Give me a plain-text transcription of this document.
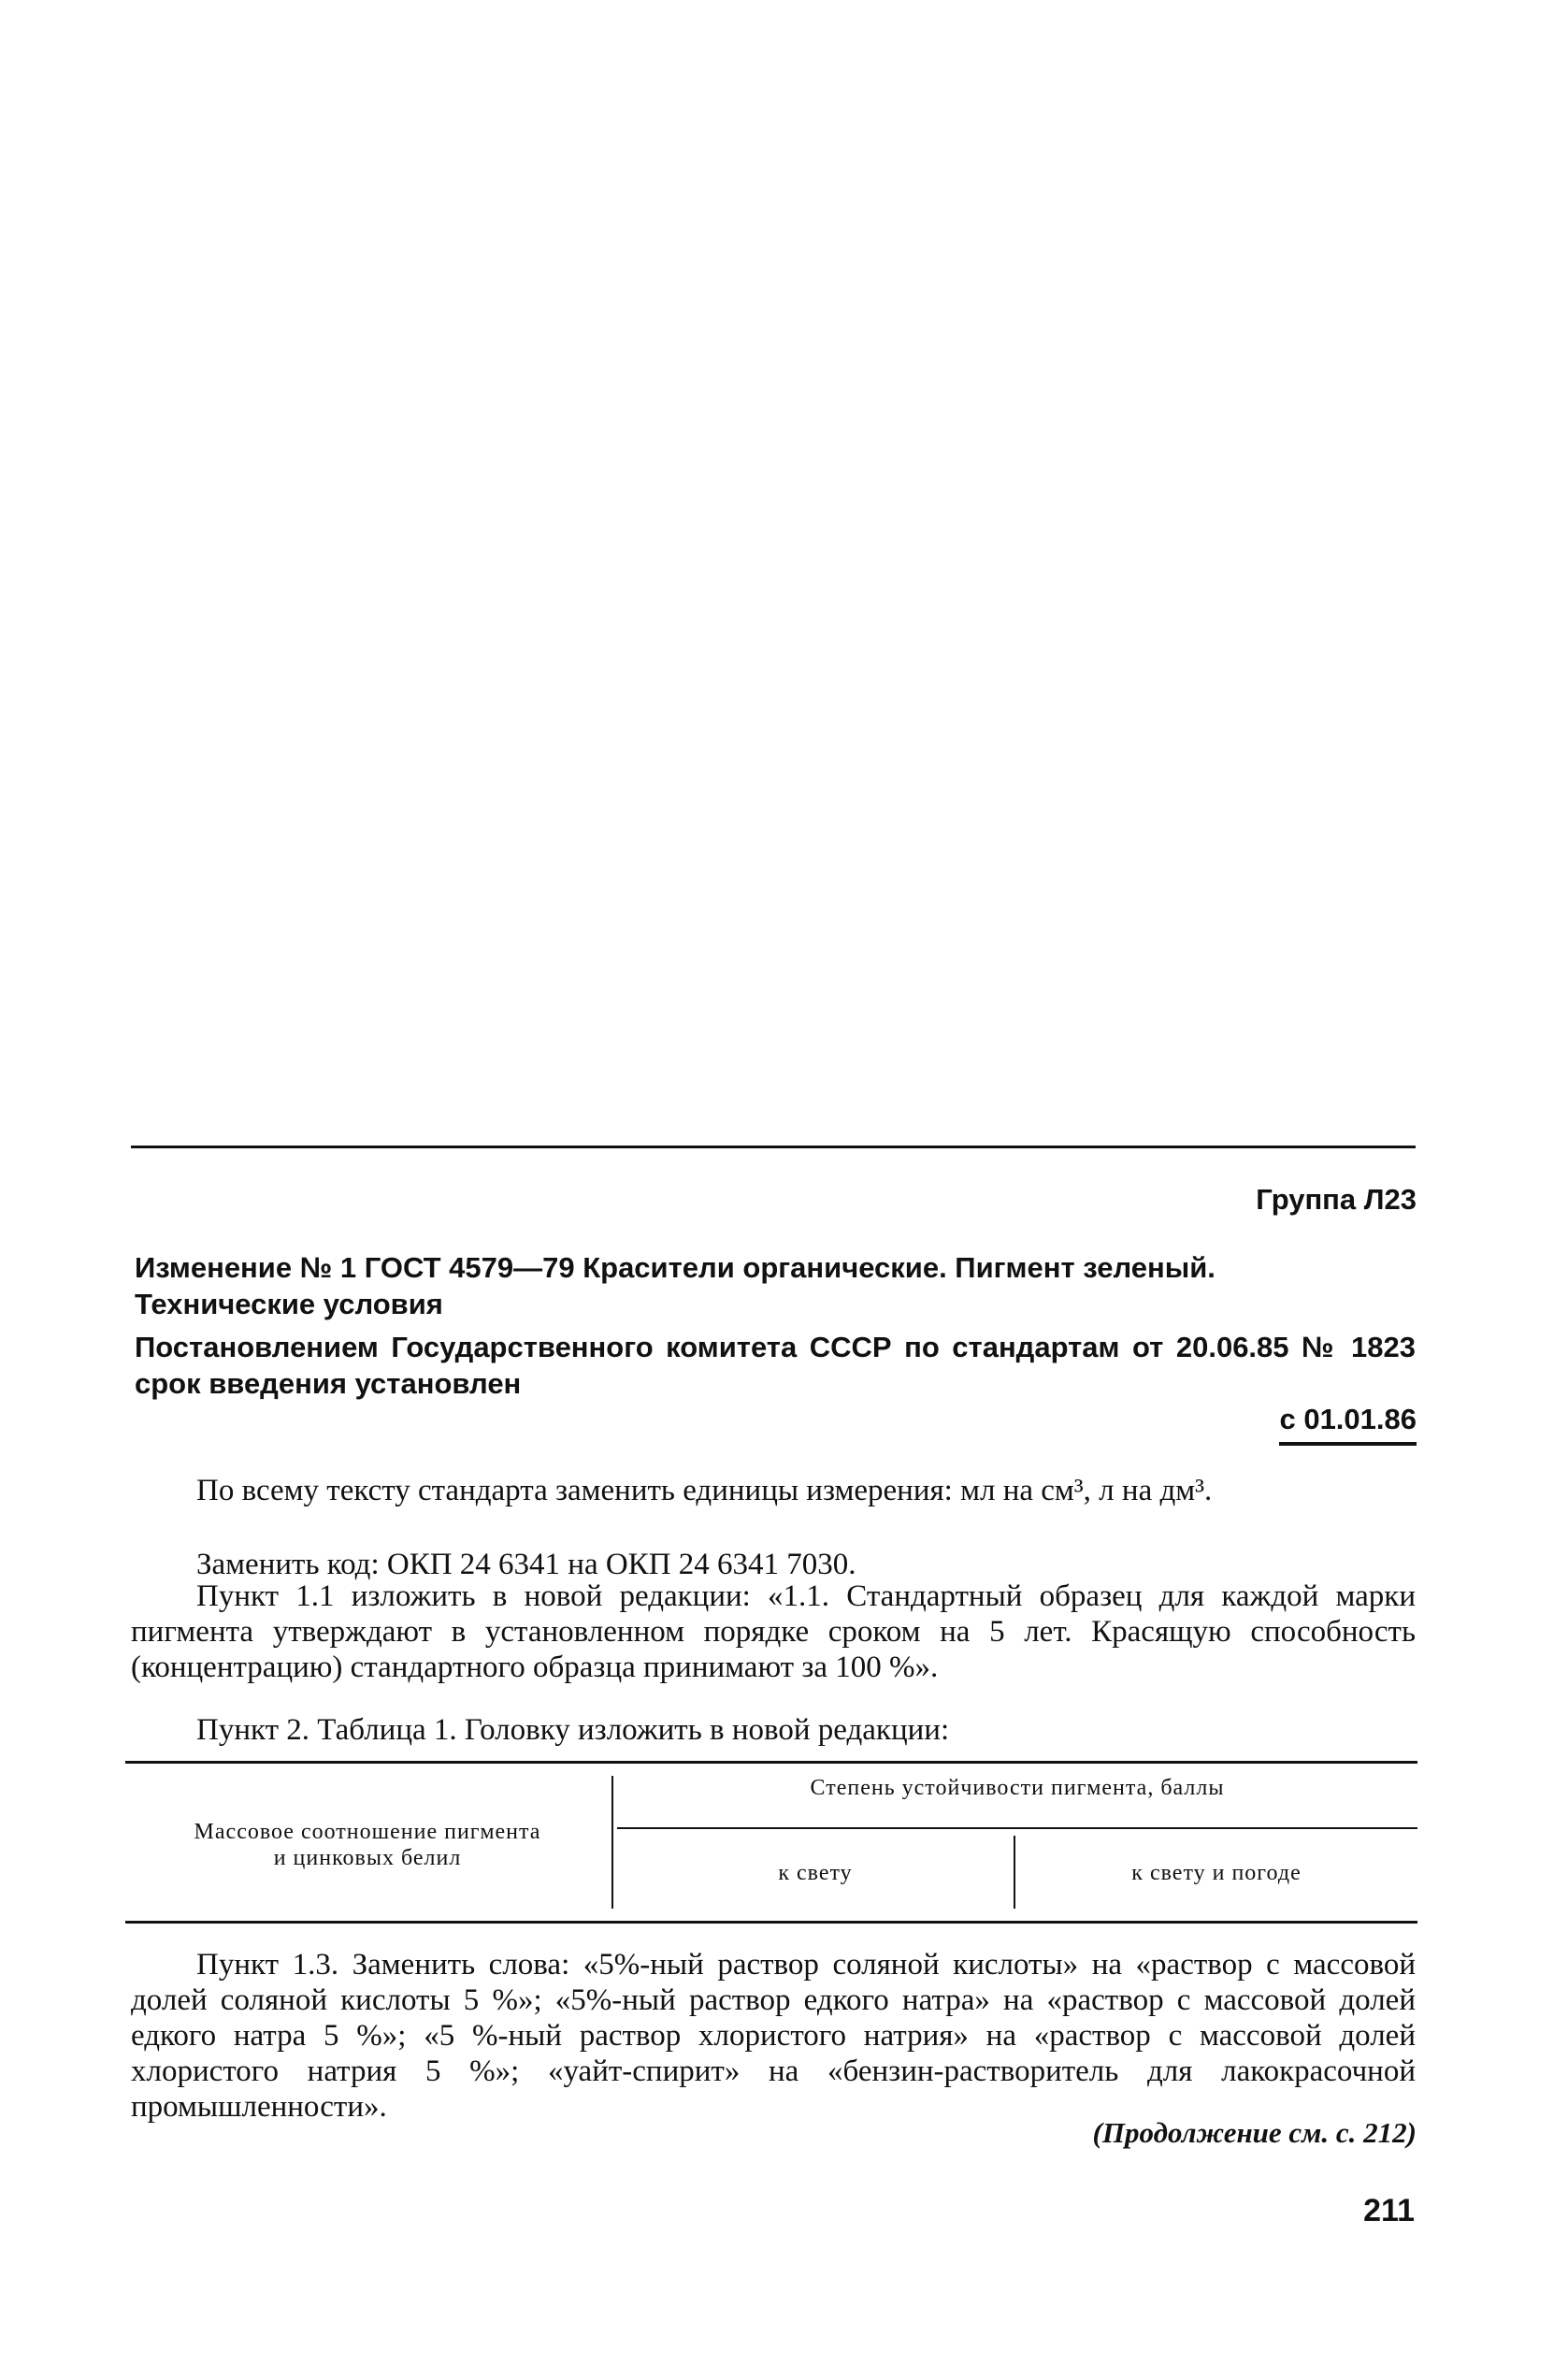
Группа Л23
Изменение № 1 ГОСТ 4579—79 Красители органические. Пигмент зеленый.
Технические условия
Постановлением Государственного комитета СССР по стандартам от 20.06.85 № 1823 срок введения установлен
с 01.01.86

По всему тексту стандарта заменить единицы измерения: мл на см³, л на дм³.

Заменить код: ОКП 24 6341 на ОКП 24 6341 7030.

Пункт 1.1 изложить в новой редакции: «1.1. Стандартный образец для каждой марки пигмента утверждают в установленном порядке сроком на 5 лет. Красящую способность (концентрацию) стандартного образца принимают за 100 %».

Пункт 2. Таблица 1. Головку изложить в новой редакции:

Массовое соотношение пигмента
и цинковых белил
Степень устойчивости пигмента, баллы
к свету	к свету и погоде

Пункт 1.3. Заменить слова: «5%-ный раствор соляной кислоты» на «раствор с массовой долей соляной кислоты 5 %»; «5%-ный раствор едкого натра» на «раствор с массовой долей едкого натра 5 %»; «5 %-ный раствор хлористого натрия» на «раствор с массовой долей хлористого натрия 5 %»; «уайт-спирит» на «бензин-растворитель для лакокрасочной промышленности».

(Продолжение см. с. 212)
211
